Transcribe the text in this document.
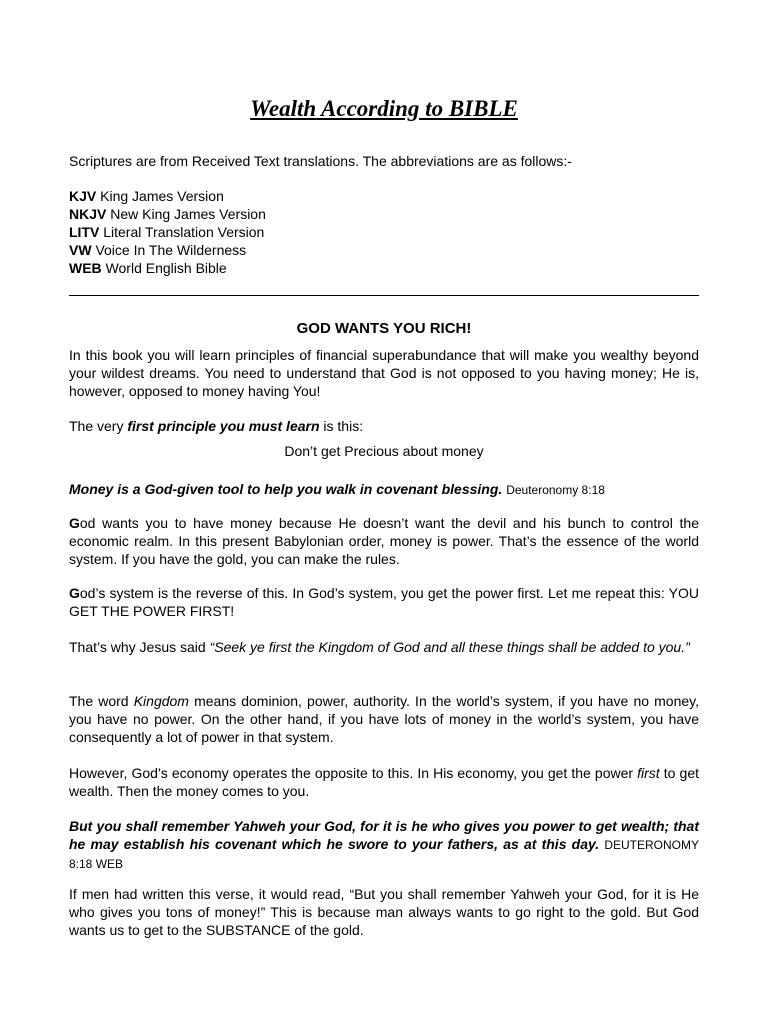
Wealth According to BIBLE
Scriptures are from Received Text translations. The abbreviations are as follows:-
KJV King James Version
NKJV New King James Version
LITV Literal Translation Version
VW Voice In The Wilderness
WEB World English Bible
GOD WANTS YOU RICH!

In this book you will learn principles of financial superabundance that will make you wealthy beyond your wildest dreams. You need to understand that God is not opposed to you having money; He is, however, opposed to money having You!

The very first principle you must learn is this:

Don’t get Precious about money

Money is a God-given tool to help you walk in covenant blessing. Deuteronomy 8:18

God wants you to have money because He doesn’t want the devil and his bunch to control the economic realm. In this present Babylonian order, money is power. That’s the essence of the world system. If you have the gold, you can make the rules.

God’s system is the reverse of this. In God’s system, you get the power first. Let me repeat this: YOU GET THE POWER FIRST!

That’s why Jesus said “Seek ye first the Kingdom of God and all these things shall be added to you.”

The word Kingdom means dominion, power, authority. In the world’s system, if you have no money, you have no power. On the other hand, if you have lots of money in the world’s system, you have consequently a lot of power in that system.

However, God’s economy operates the opposite to this. In His economy, you get the power first to get wealth. Then the money comes to you.

But you shall remember Yahweh your God, for it is he who gives you power to get wealth; that he may establish his covenant which he swore to your fathers, as at this day. DEUTERONOMY 8:18 WEB

If men had written this verse, it would read, “But you shall remember Yahweh your God, for it is He who gives you tons of money!” This is because man always wants to go right to the gold. But God wants us to get to the SUBSTANCE of the gold.
